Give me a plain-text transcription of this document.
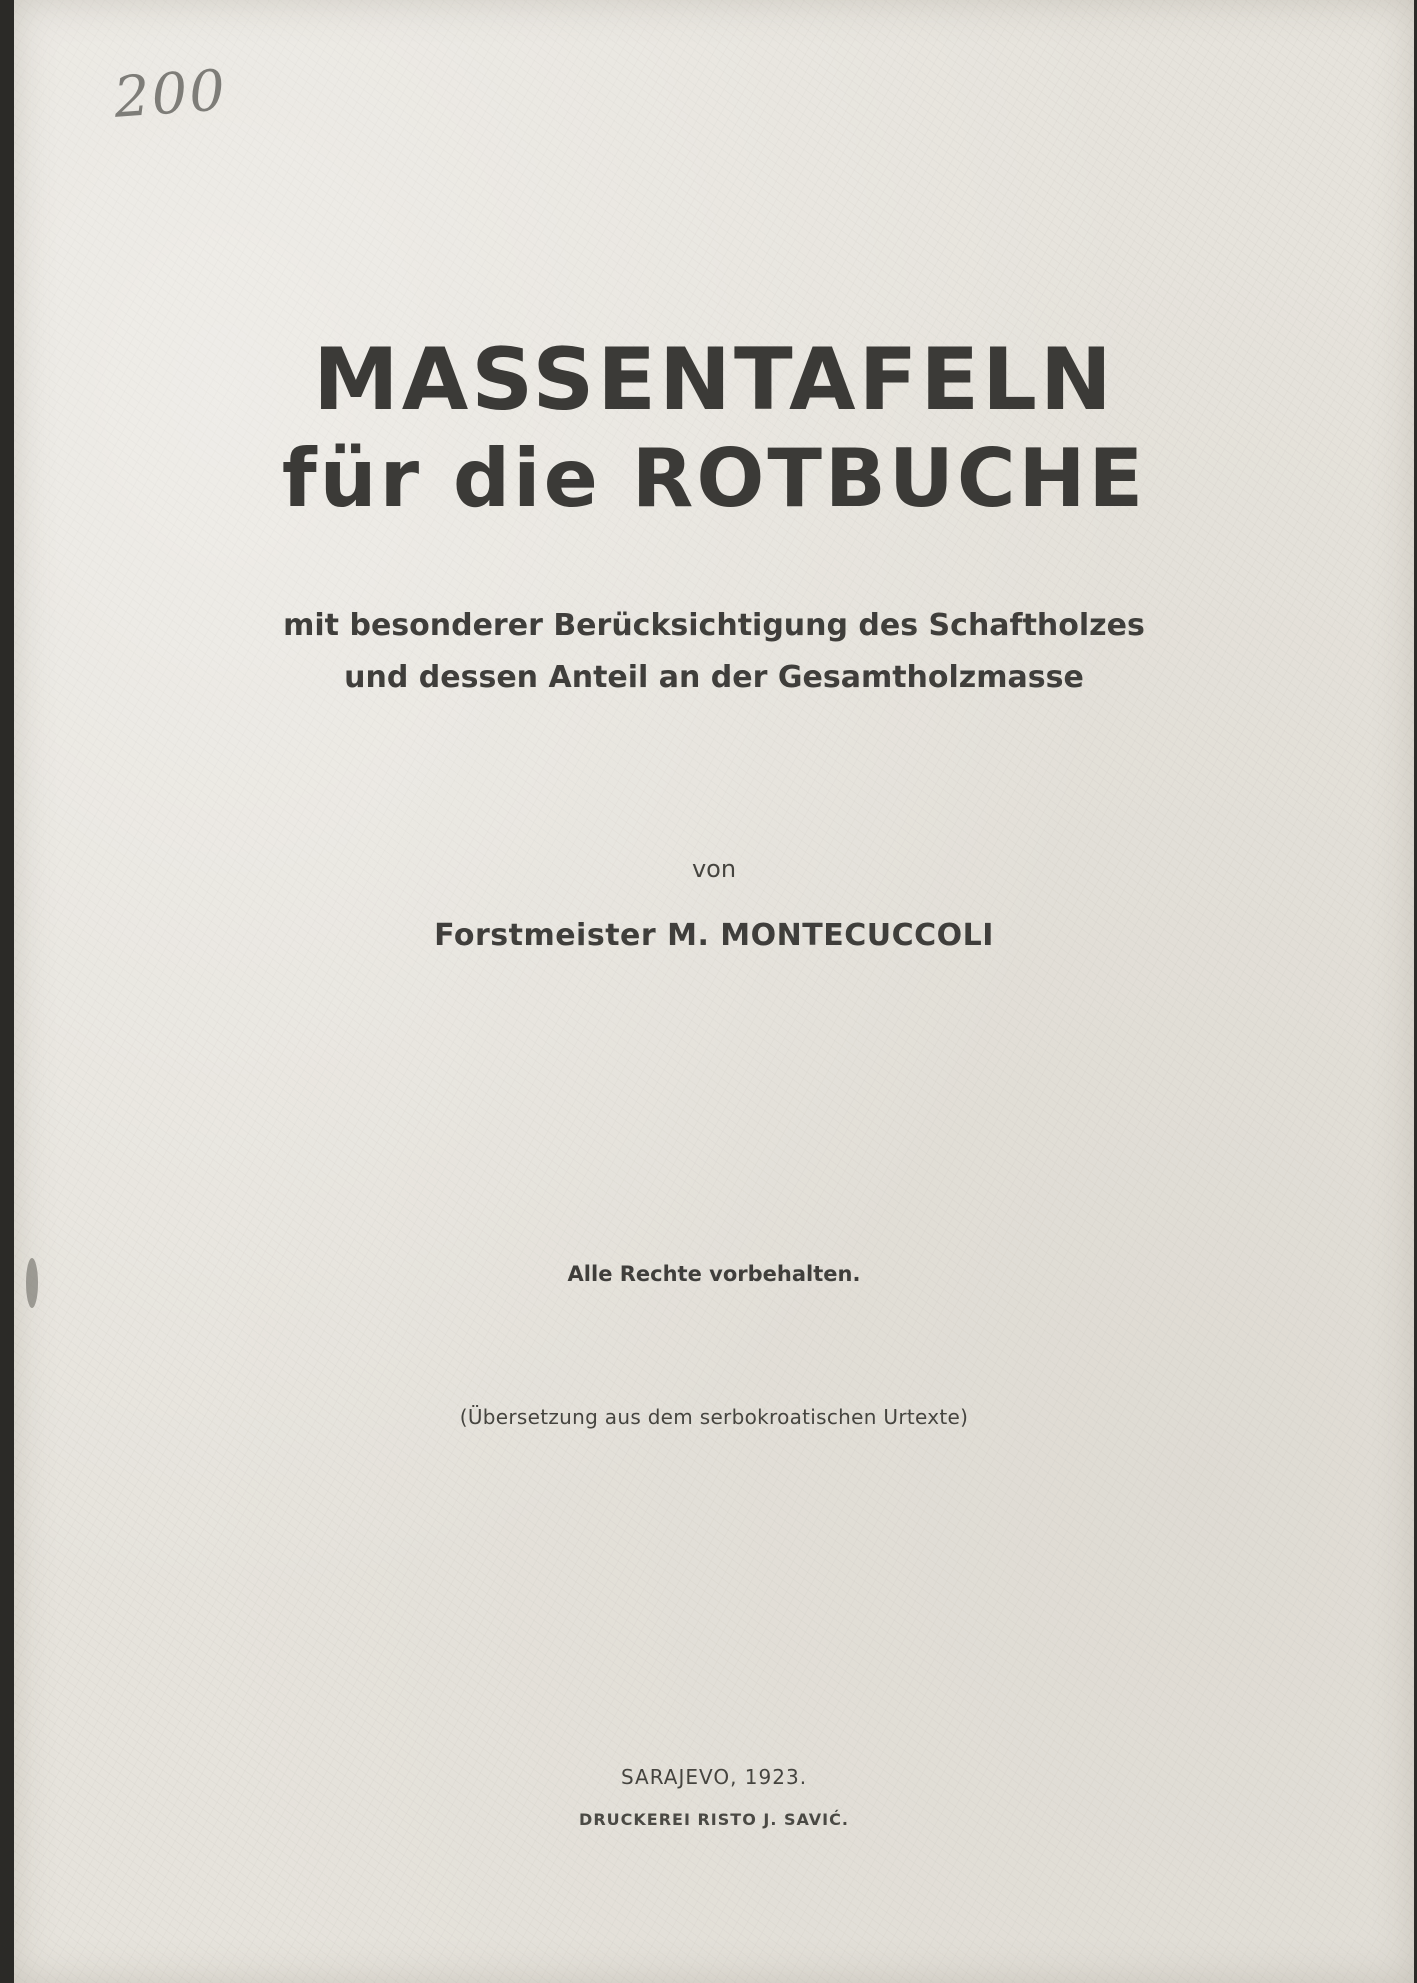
200
MASSENTAFELN
für die ROTBUCHE
mit besonderer Berücksichtigung des Schaftholzes
und dessen Anteil an der Gesamtholzmasse
von
Forstmeister M. MONTECUCCOLI
Alle Rechte vorbehalten.
(Übersetzung aus dem serbokroatischen Urtexte)
SARAJEVO, 1923.
DRUCKEREI RISTO J. SAVIĆ.
